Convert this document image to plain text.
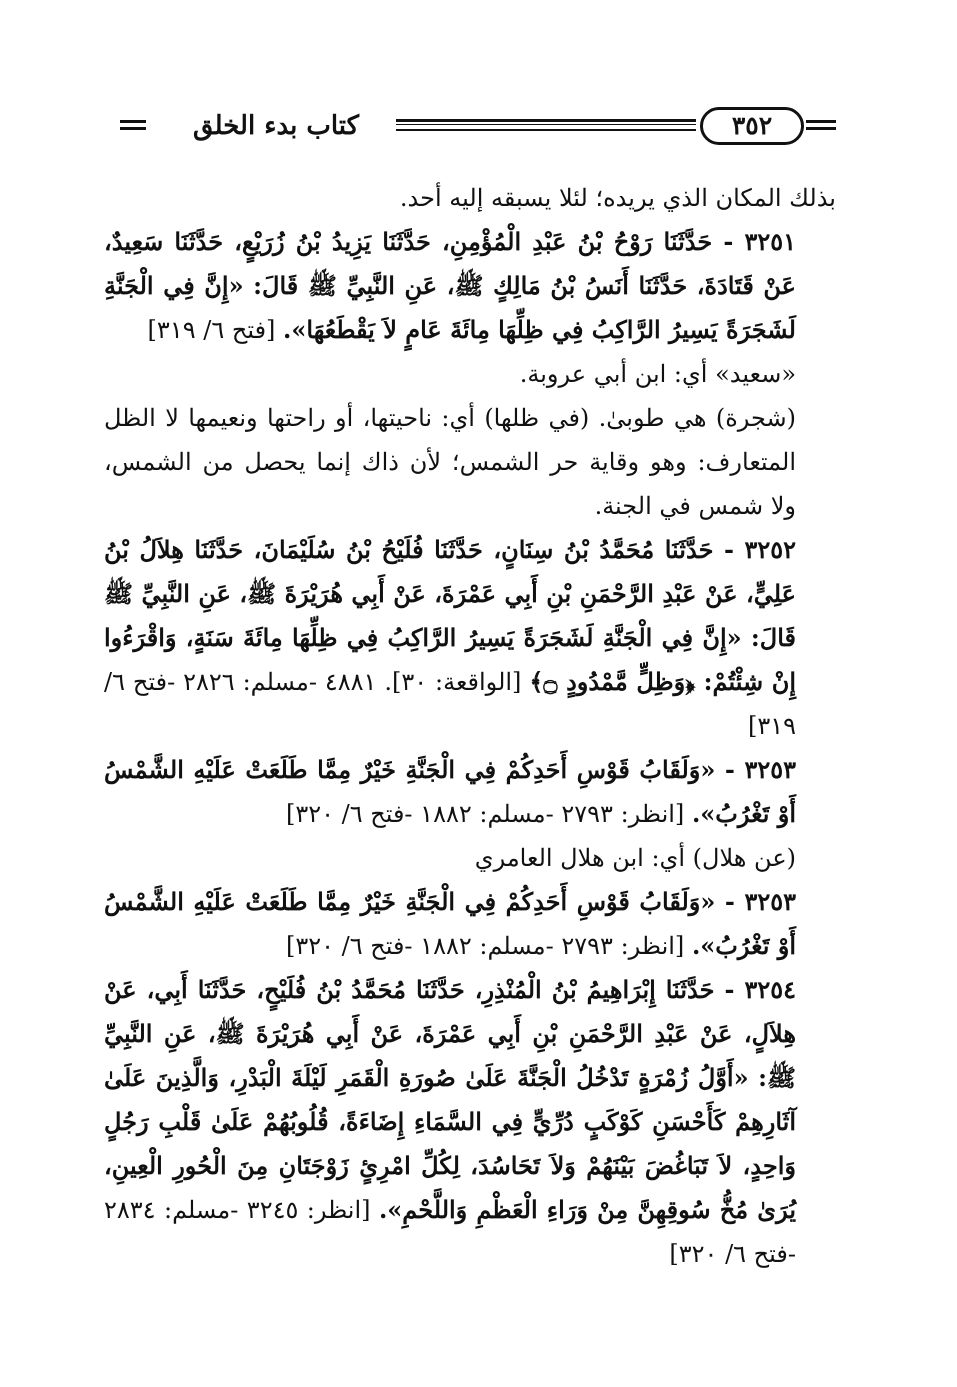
كتاب بدء الخلق	٣٥٢

بذلك المكان الذي يريده؛ لئلا يسبقه إليه أحد.

٣٢٥١ - حَدَّثَنَا رَوْحُ بْنُ عَبْدِ الْمُؤْمِنِ، حَدَّثَنَا يَزِيدُ بْنُ زُرَيْعٍ، حَدَّثَنَا سَعِيدٌ، عَنْ قَتَادَةَ، حَدَّثَنَا أَنَسُ بْنُ مَالِكٍ ﷺ، عَنِ النَّبِيِّ ﷺ قَالَ: «إِنَّ فِي الْجَنَّةِ لَشَجَرَةً يَسِيرُ الرَّاكِبُ فِي ظِلِّهَا مِائَةَ عَامٍ لاَ يَقْطَعُهَا». [فتح ٦/ ٣١٩]

«سعيد» أي: ابن أبي عروبة.

(شجرة) هي طوبىٰ. (في ظلها) أي: ناحيتها، أو راحتها ونعيمها لا الظل المتعارف: وهو وقاية حر الشمس؛ لأن ذاك إنما يحصل من الشمس، ولا شمس في الجنة.

٣٢٥٢ - حَدَّثَنَا مُحَمَّدُ بْنُ سِنَانٍ، حَدَّثَنَا فُلَيْحُ بْنُ سُلَيْمَانَ، حَدَّثَنَا هِلاَلُ بْنُ عَلِيٍّ، عَنْ عَبْدِ الرَّحْمَنِ بْنِ أَبِي عَمْرَةَ، عَنْ أَبِي هُرَيْرَةَ ﷺ، عَنِ النَّبِيِّ ﷺ قَالَ: «إِنَّ فِي الْجَنَّةِ لَشَجَرَةً يَسِيرُ الرَّاكِبُ فِي ظِلِّهَا مِائَةَ سَنَةٍ، وَاقْرَءُوا إِنْ شِئْتُمْ: ﴿وَظِلٍّ مَّمْدُودٍ ۝﴾ [الواقعة: ٣٠]. ٤٨٨١ -مسلم: ٢٨٢٦ -فتح ٦/ ٣١٩]

٣٢٥٣ - «وَلَقَابُ قَوْسِ أَحَدِكُمْ فِي الْجَنَّةِ خَيْرٌ مِمَّا طَلَعَتْ عَلَيْهِ الشَّمْسُ أَوْ تَغْرُبُ». [انظر: ٢٧٩٣ -مسلم: ١٨٨٢ -فتح ٦/ ٣٢٠]

(عن هلال) أي: ابن هلال العامري

٣٢٥٣ - «وَلَقَابُ قَوْسِ أَحَدِكُمْ فِي الْجَنَّةِ خَيْرٌ مِمَّا طَلَعَتْ عَلَيْهِ الشَّمْسُ أَوْ تَغْرُبُ». [انظر: ٢٧٩٣ -مسلم: ١٨٨٢ -فتح ٦/ ٣٢٠]

٣٢٥٤ - حَدَّثَنَا إِبْرَاهِيمُ بْنُ الْمُنْذِرِ، حَدَّثَنَا مُحَمَّدُ بْنُ فُلَيْحٍ، حَدَّثَنَا أَبِي، عَنْ هِلاَلٍ، عَنْ عَبْدِ الرَّحْمَنِ بْنِ أَبِي عَمْرَةَ، عَنْ أَبِي هُرَيْرَةَ ﷺ، عَنِ النَّبِيِّ ﷺ: «أَوَّلُ زُمْرَةٍ تَدْخُلُ الْجَنَّةَ عَلَىٰ صُورَةِ الْقَمَرِ لَيْلَةَ الْبَدْرِ، وَالَّذِينَ عَلَىٰ آثَارِهِمْ كَأَحْسَنِ كَوْكَبٍ دُرِّيٍّ فِي السَّمَاءِ إِضَاءَةً، قُلُوبُهُمْ عَلَىٰ قَلْبِ رَجُلٍ وَاحِدٍ، لاَ تَبَاغُضَ بَيْنَهُمْ وَلاَ تَحَاسُدَ، لِكُلِّ امْرِئٍ زَوْجَتَانِ مِنَ الْحُورِ الْعِينِ، يُرَىٰ مُخُّ سُوقِهِنَّ مِنْ وَرَاءِ الْعَظْمِ وَاللَّحْمِ». [انظر: ٣٢٤٥ -مسلم: ٢٨٣٤ -فتح ٦/ ٣٢٠]
